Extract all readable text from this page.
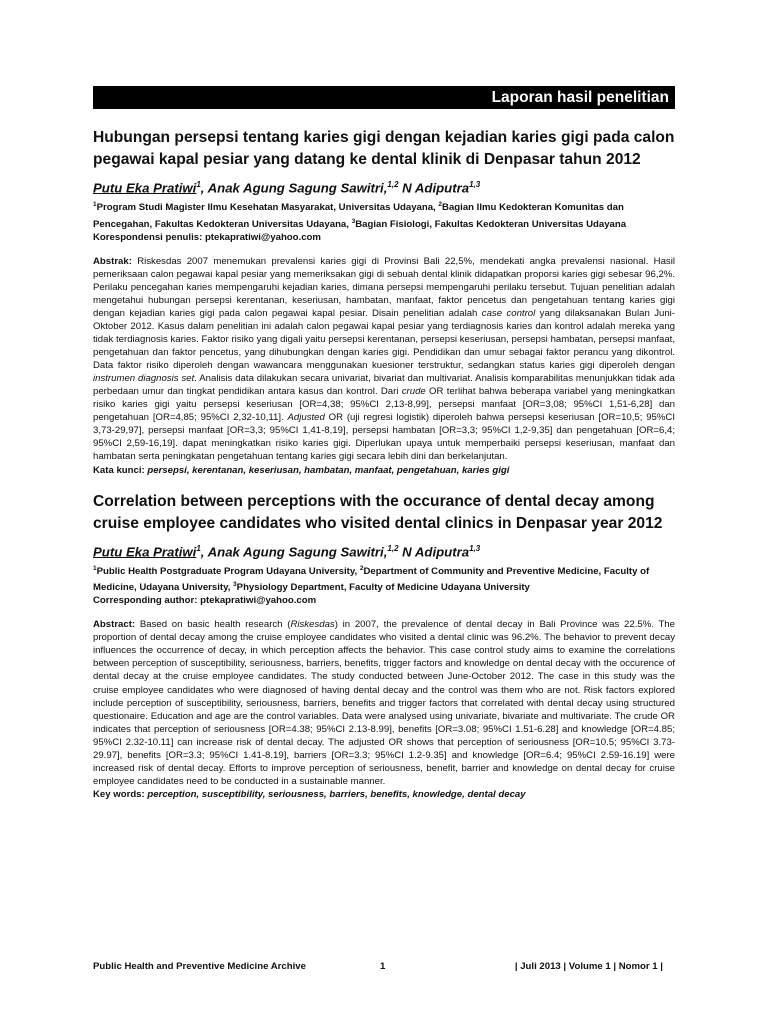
Laporan hasil penelitian
Hubungan persepsi tentang karies gigi dengan kejadian karies gigi pada calon pegawai kapal pesiar yang datang ke dental klinik di Denpasar tahun 2012
Putu Eka Pratiwi$^1$, Anak Agung Sagung Sawitri,$^{1,2}$ N Adiputra$^{1,3}$

$^1$Program Studi Magister Ilmu Kesehatan Masyarakat, Universitas Udayana, $^2$Bagian Ilmu Kedokteran Komunitas dan Pencegahan, Fakultas Kedokteran Universitas Udayana, $^3$Bagian Fisiologi, Fakultas Kedokteran Universitas Udayana

Korespondensi penulis: ptekapratiwi@yahoo.com

Abstrak: Riskesdas 2007 menemukan prevalensi karies gigi di Provinsi Bali 22,5%, mendekati angka prevalensi nasional. Hasil pemeriksaan calon pegawai kapal pesiar yang memeriksakan gigi di sebuah dental klinik didapatkan proporsi karies gigi sebesar 96,2%. Perilaku pencegahan karies mempengaruhi kejadian karies, dimana persepsi mempengaruhi perilaku tersebut. Tujuan penelitian adalah mengetahui hubungan persepsi kerentanan, keseriusan, hambatan, manfaat, faktor pencetus dan pengetahuan tentang karies gigi dengan kejadian karies gigi pada calon pegawai kapal pesiar. Disain penelitian adalah case control yang dilaksanakan Bulan Juni-Oktober 2012. Kasus dalam penelitian ini adalah calon pegawai kapal pesiar yang terdiagnosis karies dan kontrol adalah mereka yang tidak terdiagnosis karies. Faktor risiko yang digali yaitu persepsi kerentanan, persepsi keseriusan, persepsi hambatan, persepsi manfaat, pengetahuan dan faktor pencetus, yang dihubungkan dengan karies gigi. Pendidikan dan umur sebagai faktor perancu yang dikontrol. Data faktor risiko diperoleh dengan wawancara menggunakan kuesioner terstruktur, sedangkan status karies gigi diperoleh dengan instrumen diagnosis set. Analisis data dilakukan secara univariat, bivariat dan multivariat. Analisis komparabilitas menunjukkan tidak ada perbedaan umur dan tingkat pendidikan antara kasus dan kontrol. Dari crude OR terlihat bahwa beberapa variabel yang meningkatkan risiko karies gigi yaitu persepsi keseriusan [OR=4,38; 95%CI 2,13-8,99], persepsi manfaat [OR=3,08; 95%CI 1,51-6,28] dan pengetahuan [OR=4,85; 95%CI 2,32-10,11]. Adjusted OR (uji regresi logistik) diperoleh bahwa persepsi keseriusan [OR=10,5; 95%CI 3,73-29,97], persepsi manfaat [OR=3,3; 95%CI 1,41-8,19], persepsi hambatan [OR=3,3; 95%CI 1,2-9,35] dan pengetahuan [OR=6,4; 95%CI 2,59-16,19]. dapat meningkatkan risiko karies gigi. Diperlukan upaya untuk memperbaiki persepsi keseriusan, manfaat dan hambatan serta peningkatan pengetahuan tentang karies gigi secara lebih dini dan berkelanjutan.

Kata kunci: persepsi, kerentanan, keseriusan, hambatan, manfaat, pengetahuan, karies gigi

Correlation between perceptions with the occurance of dental decay among cruise employee candidates who visited dental clinics in Denpasar year 2012
Putu Eka Pratiwi$^1$, Anak Agung Sagung Sawitri,$^{1,2}$ N Adiputra$^{1,3}$

$^1$Public Health Postgraduate Program Udayana University, $^2$Department of Community and Preventive Medicine, Faculty of Medicine, Udayana University, $^3$Physiology Department, Faculty of Medicine Udayana University

Corresponding author: ptekapratiwi@yahoo.com

Abstract: Based on basic health research (Riskesdas) in 2007, the prevalence of dental decay in Bali Province was 22.5%. The proportion of dental decay among the cruise employee candidates who visited a dental clinic was 96.2%. The behavior to prevent decay influences the occurrence of decay, in which perception affects the behavior. This case control study aims to examine the correlations between perception of susceptibility, seriousness, barriers, benefits, trigger factors and knowledge on dental decay with the occurence of dental decay at the cruise employee candidates. The study conducted between June-October 2012. The case in this study was the cruise employee candidates who were diagnosed of having dental decay and the control was them who are not. Risk factors explored include perception of susceptibility, seriousness, barriers, benefits and trigger factors that correlated with dental decay using structured questionaire. Education and age are the control variables. Data were analysed using univariate, bivariate and multivariate. The crude OR indicates that perception of seriousness [OR=4.38; 95%CI 2.13-8.99], benefits [OR=3.08; 95%CI 1.51-6.28] and knowledge [OR=4.85; 95%CI 2.32-10.11] can increase risk of dental decay. The adjusted OR shows that perception of seriousness [OR=10.5; 95%CI 3.73-29.97], benefits [OR=3.3; 95%CI 1.41-8.19], barriers [OR=3.3; 95%CI 1.2-9.35] and knowledge [OR=6.4; 95%CI 2.59-16.19] were increased risk of dental decay. Efforts to improve perception of seriousness, benefit, barrier and knowledge on dental decay for cruise employee candidates need to be conducted in a sustainable manner.

Key words: perception, susceptibility, seriousness, barriers, benefits, knowledge, dental decay

Public Health and Preventive Medicine Archive	1	| Juli 2013 | Volume 1 | Nomor 1 |
